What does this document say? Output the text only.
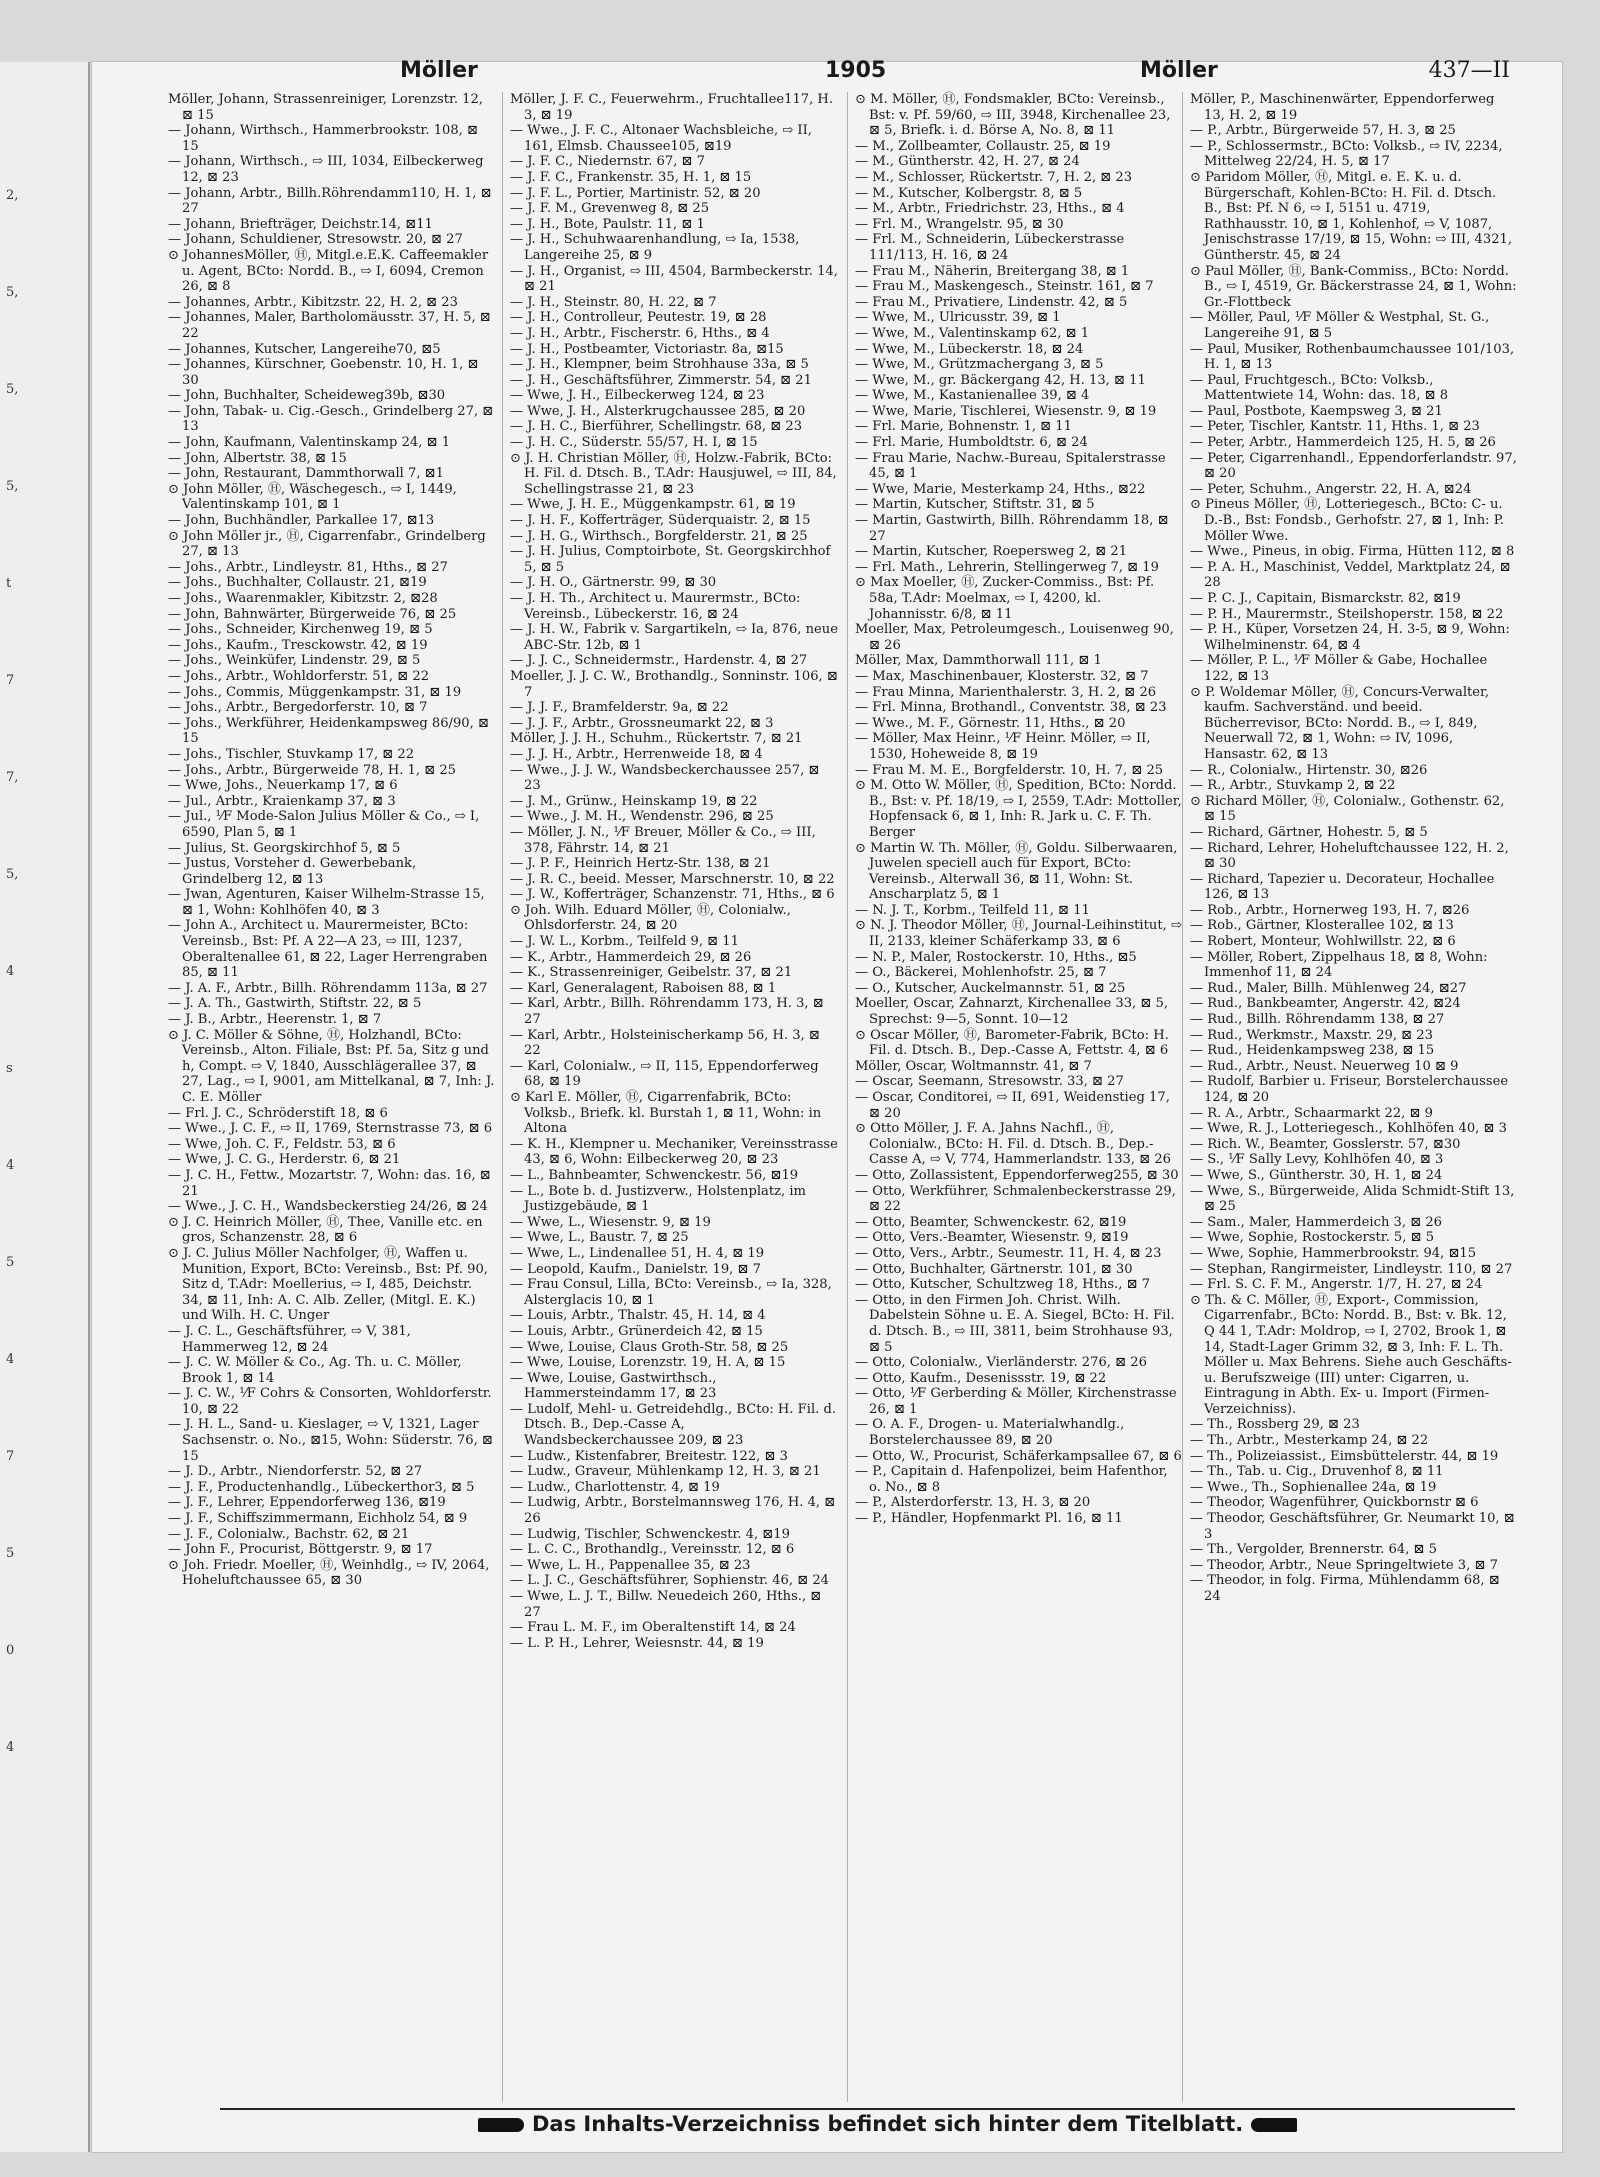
2,
5,
5,
5,
t
7
7,
5,
4
s
4
5
4
7
5
0
4
Möller	1905	Möller	437—II

Möller, Johann, Strassenreiniger, Lorenzstr. 12, ⊠ 15

— Johann, Wirthsch., Hammerbrookstr. 108, ⊠ 15

— Johann, Wirthsch., ⇨ III, 1034, Eilbeckerweg 12, ⊠ 23

— Johann, Arbtr., Billh.Röhrendamm110, H. 1, ⊠ 27

— Johann, Briefträger, Deichstr.14, ⊠11

— Johann, Schuldiener, Stresowstr. 20, ⊠ 27

⊙ JohannesMöller, Ⓗ, Mitgl.e.E.K. Caffeemakler u. Agent, BCto: Nordd. B., ⇨ I, 6094, Cremon 26, ⊠ 8

— Johannes, Arbtr., Kibitzstr. 22, H. 2, ⊠ 23

— Johannes, Maler, Bartholomäusstr. 37, H. 5, ⊠ 22

— Johannes, Kutscher, Langereihe70, ⊠5

— Johannes, Kürschner, Goebenstr. 10, H. 1, ⊠ 30

— John, Buchhalter, Scheideweg39b, ⊠30

— John, Tabak- u. Cig.-Gesch., Grindelberg 27, ⊠ 13

— John, Kaufmann, Valentinskamp 24, ⊠ 1

— John, Albertstr. 38, ⊠ 15

— John, Restaurant, Dammthorwall 7, ⊠1

⊙ John Möller, Ⓗ, Wäschegesch., ⇨ I, 1449, Valentinskamp 101, ⊠ 1

— John, Buchhändler, Parkallee 17, ⊠13

⊙ John Möller jr., Ⓗ, Cigarrenfabr., Grindelberg 27, ⊠ 13

— Johs., Arbtr., Lindleystr. 81, Hths., ⊠ 27

— Johs., Buchhalter, Collaustr. 21, ⊠19

— Johs., Waarenmakler, Kibitzstr. 2, ⊠28

— John, Bahnwärter, Bürgerweide 76, ⊠ 25

— Johs., Schneider, Kirchenweg 19, ⊠ 5

— Johs., Kaufm., Tresckowstr. 42, ⊠ 19

— Johs., Weinküfer, Lindenstr. 29, ⊠ 5

— Johs., Arbtr., Wohldorferstr. 51, ⊠ 22

— Johs., Commis, Müggenkampstr. 31, ⊠ 19

— Johs., Arbtr., Bergedorferstr. 10, ⊠ 7

— Johs., Werkführer, Heidenkampsweg 86/90, ⊠ 15

— Johs., Tischler, Stuvkamp 17, ⊠ 22

— Johs., Arbtr., Bürgerweide 78, H. 1, ⊠ 25

— Wwe, Johs., Neuerkamp 17, ⊠ 6

— Jul., Arbtr., Kraienkamp 37, ⊠ 3

— Jul., ⅟F Mode-Salon Julius Möller & Co., ⇨ I, 6590, Plan 5, ⊠ 1

— Julius, St. Georgskirchhof 5, ⊠ 5

— Justus, Vorsteher d. Gewerbebank, Grindelberg 12, ⊠ 13

— Jwan, Agenturen, Kaiser Wilhelm-Strasse 15, ⊠ 1, Wohn: Kohlhöfen 40, ⊠ 3

— John A., Architect u. Maurermeister, BCto: Vereinsb., Bst: Pf. A 22—A 23, ⇨ III, 1237, Oberaltenallee 61, ⊠ 22, Lager Herrengraben 85, ⊠ 11

— J. A. F., Arbtr., Billh. Röhrendamm 113a, ⊠ 27

— J. A. Th., Gastwirth, Stiftstr. 22, ⊠ 5

— J. B., Arbtr., Heerenstr. 1, ⊠ 7

⊙ J. C. Möller & Söhne, Ⓗ, Holzhandl, BCto: Vereinsb., Alton. Filiale, Bst: Pf. 5a, Sitz g und h, Compt. ⇨ V, 1840, Ausschlägerallee 37, ⊠ 27, Lag., ⇨ I, 9001, am Mittelkanal, ⊠ 7, Inh: J. C. E. Möller

— Frl. J. C., Schröderstift 18, ⊠ 6

— Wwe., J. C. F., ⇨ II, 1769, Sternstrasse 73, ⊠ 6

— Wwe, Joh. C. F., Feldstr. 53, ⊠ 6

— Wwe, J. C. G., Herderstr. 6, ⊠ 21

— J. C. H., Fettw., Mozartstr. 7, Wohn: das. 16, ⊠ 21

— Wwe., J. C. H., Wandsbeckerstieg 24/26, ⊠ 24

⊙ J. C. Heinrich Möller, Ⓗ, Thee, Vanille etc. en gros, Schanzenstr. 28, ⊠ 6

⊙ J. C. Julius Möller Nachfolger, Ⓗ, Waffen u. Munition, Export, BCto: Vereinsb., Bst: Pf. 90, Sitz d, T.Adr: Moellerius, ⇨ I, 485, Deichstr. 34, ⊠ 11, Inh: A. C. Alb. Zeller, (Mitgl. E. K.) und Wilh. H. C. Unger

— J. C. L., Geschäftsführer, ⇨ V, 381, Hammerweg 12, ⊠ 24

— J. C. W. Möller & Co., Ag. Th. u. C. Möller, Brook 1, ⊠ 14

— J. C. W., ⅟F Cohrs & Consorten, Wohldorferstr. 10, ⊠ 22

— J. H. L., Sand- u. Kieslager, ⇨ V, 1321, Lager Sachsenstr. o. No., ⊠15, Wohn: Süderstr. 76, ⊠ 15

— J. D., Arbtr., Niendorferstr. 52, ⊠ 27

— J. F., Productenhandlg., Lübeckerthor3, ⊠ 5

— J. F., Lehrer, Eppendorferweg 136, ⊠19

— J. F., Schiffszimmermann, Eichholz 54, ⊠ 9

— J. F., Colonialw., Bachstr. 62, ⊠ 21

— John F., Procurist, Böttgerstr. 9, ⊠ 17

⊙ Joh. Friedr. Moeller, Ⓗ, Weinhdlg., ⇨ IV, 2064, Hoheluftchaussee 65, ⊠ 30

Möller, J. F. C., Feuerwehrm., Fruchtallee117, H. 3, ⊠ 19

— Wwe., J. F. C., Altonaer Wachsbleiche, ⇨ II, 161, Elmsb. Chaussee105, ⊠19

— J. F. C., Niedernstr. 67, ⊠ 7

— J. F. C., Frankenstr. 35, H. 1, ⊠ 15

— J. F. L., Portier, Martinistr. 52, ⊠ 20

— J. F. M., Grevenweg 8, ⊠ 25

— J. H., Bote, Paulstr. 11, ⊠ 1

— J. H., Schuhwaarenhandlung, ⇨ Ia, 1538, Langereihe 25, ⊠ 9

— J. H., Organist, ⇨ III, 4504, Barmbeckerstr. 14, ⊠ 21

— J. H., Steinstr. 80, H. 22, ⊠ 7

— J. H., Controlleur, Peutestr. 19, ⊠ 28

— J. H., Arbtr., Fischerstr. 6, Hths., ⊠ 4

— J. H., Postbeamter, Victoriastr. 8a, ⊠15

— J. H., Klempner, beim Strohhause 33a, ⊠ 5

— J. H., Geschäftsführer, Zimmerstr. 54, ⊠ 21

— Wwe, J. H., Eilbeckerweg 124, ⊠ 23

— Wwe, J. H., Alsterkrugchaussee 285, ⊠ 20

— J. H. C., Bierführer, Schellingstr. 68, ⊠ 23

— J. H. C., Süderstr. 55/57, H. I, ⊠ 15

⊙ J. H. Christian Möller, Ⓗ, Holzw.-Fabrik, BCto: H. Fil. d. Dtsch. B., T.Adr: Hausjuwel, ⇨ III, 84, Schellingstrasse 21, ⊠ 23

— Wwe, J. H. E., Müggenkampstr. 61, ⊠ 19

— J. H. F., Kofferträger, Süderquaistr. 2, ⊠ 15

— J. H. G., Wirthsch., Borgfelderstr. 21, ⊠ 25

— J. H. Julius, Comptoirbote, St. Georgskirchhof 5, ⊠ 5

— J. H. O., Gärtnerstr. 99, ⊠ 30

— J. H. Th., Architect u. Maurermstr., BCto: Vereinsb., Lübeckerstr. 16, ⊠ 24

— J. H. W., Fabrik v. Sargartikeln, ⇨ Ia, 876, neue ABC-Str. 12b, ⊠ 1

— J. J. C., Schneidermstr., Hardenstr. 4, ⊠ 27

Moeller, J. J. C. W., Brothandlg., Sonninstr. 106, ⊠ 7

— J. J. F., Bramfelderstr. 9a, ⊠ 22

— J. J. F., Arbtr., Grossneumarkt 22, ⊠ 3

Möller, J. J. H., Schuhm., Rückertstr. 7, ⊠ 21

— J. J. H., Arbtr., Herrenweide 18, ⊠ 4

— Wwe., J. J. W., Wandsbeckerchaussee 257, ⊠ 23

— J. M., Grünw., Heinskamp 19, ⊠ 22

— Wwe., J. M. H., Wendenstr. 296, ⊠ 25

— Möller, J. N., ⅟F Breuer, Möller & Co., ⇨ III, 378, Fährstr. 14, ⊠ 21

— J. P. F., Heinrich Hertz-Str. 138, ⊠ 21

— J. R. C., beeid. Messer, Marschnerstr. 10, ⊠ 22

— J. W., Kofferträger, Schanzenstr. 71, Hths., ⊠ 6

⊙ Joh. Wilh. Eduard Möller, Ⓗ, Colonialw., Ohlsdorferstr. 24, ⊠ 20

— J. W. L., Korbm., Teilfeld 9, ⊠ 11

— K., Arbtr., Hammerdeich 29, ⊠ 26

— K., Strassenreiniger, Geibelstr. 37, ⊠ 21

— Karl, Generalagent, Raboisen 88, ⊠ 1

— Karl, Arbtr., Billh. Röhrendamm 173, H. 3, ⊠ 27

— Karl, Arbtr., Holsteinischerkamp 56, H. 3, ⊠ 22

— Karl, Colonialw., ⇨ II, 115, Eppendorferweg 68, ⊠ 19

⊙ Karl E. Möller, Ⓗ, Cigarrenfabrik, BCto: Volksb., Briefk. kl. Burstah 1, ⊠ 11, Wohn: in Altona

— K. H., Klempner u. Mechaniker, Vereinsstrasse 43, ⊠ 6, Wohn: Eilbeckerweg 20, ⊠ 23

— L., Bahnbeamter, Schwenckestr. 56, ⊠19

— L., Bote b. d. Justizverw., Holstenplatz, im Justizgebäude, ⊠ 1

— Wwe, L., Wiesenstr. 9, ⊠ 19

— Wwe, L., Baustr. 7, ⊠ 25

— Wwe, L., Lindenallee 51, H. 4, ⊠ 19

— Leopold, Kaufm., Danielstr. 19, ⊠ 7

— Frau Consul, Lilla, BCto: Vereinsb., ⇨ Ia, 328, Alsterglacis 10, ⊠ 1

— Louis, Arbtr., Thalstr. 45, H. 14, ⊠ 4

— Louis, Arbtr., Grünerdeich 42, ⊠ 15

— Wwe, Louise, Claus Groth-Str. 58, ⊠ 25

— Wwe, Louise, Lorenzstr. 19, H. A, ⊠ 15

— Wwe, Louise, Gastwirthsch., Hammersteindamm 17, ⊠ 23

— Ludolf, Mehl- u. Getreidehdlg., BCto: H. Fil. d. Dtsch. B., Dep.-Casse A, Wandsbeckerchaussee 209, ⊠ 23

— Ludw., Kistenfabrer, Breitestr. 122, ⊠ 3

— Ludw., Graveur, Mühlenkamp 12, H. 3, ⊠ 21

— Ludw., Charlottenstr. 4, ⊠ 19

— Ludwig, Arbtr., Borstelmannsweg 176, H. 4, ⊠ 26

— Ludwig, Tischler, Schwenckestr. 4, ⊠19

— L. C. C., Brothandlg., Vereinsstr. 12, ⊠ 6

— Wwe, L. H., Pappenallee 35, ⊠ 23

— L. J. C., Geschäftsführer, Sophienstr. 46, ⊠ 24

— Wwe, L. J. T., Billw. Neuedeich 260, Hths., ⊠ 27

— Frau L. M. F., im Oberaltenstift 14, ⊠ 24

— L. P. H., Lehrer, Weiesnstr. 44, ⊠ 19

⊙ M. Möller, Ⓗ, Fondsmakler, BCto: Vereinsb., Bst: v. Pf. 59/60, ⇨ III, 3948, Kirchenallee 23, ⊠ 5, Briefk. i. d. Börse A, No. 8, ⊠ 11

— M., Zollbeamter, Collaustr. 25, ⊠ 19

— M., Güntherstr. 42, H. 27, ⊠ 24

— M., Schlosser, Rückertstr. 7, H. 2, ⊠ 23

— M., Kutscher, Kolbergstr. 8, ⊠ 5

— M., Arbtr., Friedrichstr. 23, Hths., ⊠ 4

— Frl. M., Wrangelstr. 95, ⊠ 30

— Frl. M., Schneiderin, Lübeckerstrasse 111/113, H. 16, ⊠ 24

— Frau M., Näherin, Breitergang 38, ⊠ 1

— Frau M., Maskengesch., Steinstr. 161, ⊠ 7

— Frau M., Privatiere, Lindenstr. 42, ⊠ 5

— Wwe, M., Ulricusstr. 39, ⊠ 1

— Wwe, M., Valentinskamp 62, ⊠ 1

— Wwe, M., Lübeckerstr. 18, ⊠ 24

— Wwe, M., Grützmachergang 3, ⊠ 5

— Wwe, M., gr. Bäckergang 42, H. 13, ⊠ 11

— Wwe, M., Kastanienallee 39, ⊠ 4

— Wwe, Marie, Tischlerei, Wiesenstr. 9, ⊠ 19

— Frl. Marie, Bohnenstr. 1, ⊠ 11

— Frl. Marie, Humboldtstr. 6, ⊠ 24

— Frau Marie, Nachw.-Bureau, Spitalerstrasse 45, ⊠ 1

— Wwe, Marie, Mesterkamp 24, Hths., ⊠22

— Martin, Kutscher, Stiftstr. 31, ⊠ 5

— Martin, Gastwirth, Billh. Röhrendamm 18, ⊠ 27

— Martin, Kutscher, Roepersweg 2, ⊠ 21

— Frl. Math., Lehrerin, Stellingerweg 7, ⊠ 19

⊙ Max Moeller, Ⓗ, Zucker-Commiss., Bst: Pf. 58a, T.Adr: Moelmax, ⇨ I, 4200, kl. Johannisstr. 6/8, ⊠ 11

Moeller, Max, Petroleumgesch., Louisenweg 90, ⊠ 26

Möller, Max, Dammthorwall 111, ⊠ 1

— Max, Maschinenbauer, Klosterstr. 32, ⊠ 7

— Frau Minna, Marienthalerstr. 3, H. 2, ⊠ 26

— Frl. Minna, Brothandl., Conventstr. 38, ⊠ 23

— Wwe., M. F., Görnestr. 11, Hths., ⊠ 20

— Möller, Max Heinr., ⅟F Heinr. Möller, ⇨ II, 1530, Hoheweide 8, ⊠ 19

— Frau M. M. E., Borgfelderstr. 10, H. 7, ⊠ 25

⊙ M. Otto W. Möller, Ⓗ, Spedition, BCto: Nordd. B., Bst: v. Pf. 18/19, ⇨ I, 2559, T.Adr: Mottoller, Hopfensack 6, ⊠ 1, Inh: R. Jark u. C. F. Th. Berger

⊙ Martin W. Th. Möller, Ⓗ, Goldu. Silberwaaren, Juwelen speciell auch für Export, BCto: Vereinsb., Alterwall 36, ⊠ 11, Wohn: St. Anscharplatz 5, ⊠ 1

— N. J. T., Korbm., Teilfeld 11, ⊠ 11

⊙ N. J. Theodor Möller, Ⓗ, Journal-Leihinstitut, ⇨ II, 2133, kleiner Schäferkamp 33, ⊠ 6

— N. P., Maler, Rostockerstr. 10, Hths., ⊠5

— O., Bäckerei, Mohlenhofstr. 25, ⊠ 7

— O., Kutscher, Auckelmannstr. 51, ⊠ 25

Moeller, Oscar, Zahnarzt, Kirchenallee 33, ⊠ 5, Sprechst: 9—5, Sonnt. 10—12

⊙ Oscar Möller, Ⓗ, Barometer-Fabrik, BCto: H. Fil. d. Dtsch. B., Dep.-Casse A, Fettstr. 4, ⊠ 6

Möller, Oscar, Woltmannstr. 41, ⊠ 7

— Oscar, Seemann, Stresowstr. 33, ⊠ 27

— Oscar, Conditorei, ⇨ II, 691, Weidenstieg 17, ⊠ 20

⊙ Otto Möller, J. F. A. Jahns Nachfl., Ⓗ, Colonialw., BCto: H. Fil. d. Dtsch. B., Dep.-Casse A, ⇨ V, 774, Hammerlandstr. 133, ⊠ 26

— Otto, Zollassistent, Eppendorferweg255, ⊠ 30

— Otto, Werkführer, Schmalenbeckerstrasse 29, ⊠ 22

— Otto, Beamter, Schwenckestr. 62, ⊠19

— Otto, Vers.-Beamter, Wiesenstr. 9, ⊠19

— Otto, Vers., Arbtr., Seumestr. 11, H. 4, ⊠ 23

— Otto, Buchhalter, Gärtnerstr. 101, ⊠ 30

— Otto, Kutscher, Schultzweg 18, Hths., ⊠ 7

— Otto, in den Firmen Joh. Christ. Wilh. Dabelstein Söhne u. E. A. Siegel, BCto: H. Fil. d. Dtsch. B., ⇨ III, 3811, beim Strohhause 93, ⊠ 5

— Otto, Colonialw., Vierländerstr. 276, ⊠ 26

— Otto, Kaufm., Desenissstr. 19, ⊠ 22

— Otto, ⅟F Gerberding & Möller, Kirchenstrasse 26, ⊠ 1

— O. A. F., Drogen- u. Materialwhandlg., Borstelerchaussee 89, ⊠ 20

— Otto, W., Procurist, Schäferkampsallee 67, ⊠ 6

— P., Capitain d. Hafenpolizei, beim Hafenthor, o. No., ⊠ 8

— P., Alsterdorferstr. 13, H. 3, ⊠ 20

— P., Händler, Hopfenmarkt Pl. 16, ⊠ 11

Möller, P., Maschinenwärter, Eppendorferweg 13, H. 2, ⊠ 19

— P., Arbtr., Bürgerweide 57, H. 3, ⊠ 25

— P., Schlossermstr., BCto: Volksb., ⇨ IV, 2234, Mittelweg 22/24, H. 5, ⊠ 17

⊙ Paridom Möller, Ⓗ, Mitgl. e. E. K. u. d. Bürgerschaft, Kohlen-BCto: H. Fil. d. Dtsch. B., Bst: Pf. N 6, ⇨ I, 5151 u. 4719, Rathhausstr. 10, ⊠ 1, Kohlenhof, ⇨ V, 1087, Jenischstrasse 17/19, ⊠ 15, Wohn: ⇨ III, 4321, Güntherstr. 45, ⊠ 24

⊙ Paul Möller, Ⓗ, Bank-Commiss., BCto: Nordd. B., ⇨ I, 4519, Gr. Bäckerstrasse 24, ⊠ 1, Wohn: Gr.-Flottbeck

— Möller, Paul, ⅟F Möller & Westphal, St. G., Langereihe 91, ⊠ 5

— Paul, Musiker, Rothenbaumchaussee 101/103, H. 1, ⊠ 13

— Paul, Fruchtgesch., BCto: Volksb., Mattentwiete 14, Wohn: das. 18, ⊠ 8

— Paul, Postbote, Kaempsweg 3, ⊠ 21

— Peter, Tischler, Kantstr. 11, Hths. 1, ⊠ 23

— Peter, Arbtr., Hammerdeich 125, H. 5, ⊠ 26

— Peter, Cigarrenhandl., Eppendorferlandstr. 97, ⊠ 20

— Peter, Schuhm., Angerstr. 22, H. A, ⊠24

⊙ Pineus Möller, Ⓗ, Lotteriegesch., BCto: C- u. D.-B., Bst: Fondsb., Gerhofstr. 27, ⊠ 1, Inh: P. Möller Wwe.

— Wwe., Pineus, in obig. Firma, Hütten 112, ⊠ 8

— P. A. H., Maschinist, Veddel, Marktplatz 24, ⊠ 28

— P. C. J., Capitain, Bismarckstr. 82, ⊠19

— P. H., Maurermstr., Steilshoperstr. 158, ⊠ 22

— P. H., Küper, Vorsetzen 24, H. 3-5, ⊠ 9, Wohn: Wilhelminenstr. 64, ⊠ 4

— Möller, P. L., ⅟F Möller & Gabe, Hochallee 122, ⊠ 13

⊙ P. Woldemar Möller, Ⓗ, Concurs-Verwalter, kaufm. Sachverständ. und beeid. Bücherrevisor, BCto: Nordd. B., ⇨ I, 849, Neuerwall 72, ⊠ 1, Wohn: ⇨ IV, 1096, Hansastr. 62, ⊠ 13

— R., Colonialw., Hirtenstr. 30, ⊠26

— R., Arbtr., Stuvkamp 2, ⊠ 22

⊙ Richard Möller, Ⓗ, Colonialw., Gothenstr. 62, ⊠ 15

— Richard, Gärtner, Hohestr. 5, ⊠ 5

— Richard, Lehrer, Hoheluftchaussee 122, H. 2, ⊠ 30

— Richard, Tapezier u. Decorateur, Hochallee 126, ⊠ 13

— Rob., Arbtr., Hornerweg 193, H. 7, ⊠26

— Rob., Gärtner, Klosterallee 102, ⊠ 13

— Robert, Monteur, Wohlwillstr. 22, ⊠ 6

— Möller, Robert, Zippelhaus 18, ⊠ 8, Wohn: Immenhof 11, ⊠ 24

— Rud., Maler, Billh. Mühlenweg 24, ⊠27

— Rud., Bankbeamter, Angerstr. 42, ⊠24

— Rud., Billh. Röhrendamm 138, ⊠ 27

— Rud., Werkmstr., Maxstr. 29, ⊠ 23

— Rud., Heidenkampsweg 238, ⊠ 15

— Rud., Arbtr., Neust. Neuerweg 10 ⊠ 9

— Rudolf, Barbier u. Friseur, Borstelerchaussee 124, ⊠ 20

— R. A., Arbtr., Schaarmarkt 22, ⊠ 9

— Wwe, R. J., Lotteriegesch., Kohlhöfen 40, ⊠ 3

— Rich. W., Beamter, Gosslerstr. 57, ⊠30

— S., ⅟F Sally Levy, Kohlhöfen 40, ⊠ 3

— Wwe, S., Güntherstr. 30, H. 1, ⊠ 24

— Wwe, S., Bürgerweide, Alida Schmidt-Stift 13, ⊠ 25

— Sam., Maler, Hammerdeich 3, ⊠ 26

— Wwe, Sophie, Rostockerstr. 5, ⊠ 5

— Wwe, Sophie, Hammerbrookstr. 94, ⊠15

— Stephan, Rangirmeister, Lindleystr. 110, ⊠ 27

— Frl. S. C. F. M., Angerstr. 1/7, H. 27, ⊠ 24

⊙ Th. & C. Möller, Ⓗ, Export-, Commission, Cigarrenfabr., BCto: Nordd. B., Bst: v. Bk. 12, Q 44 1, T.Adr: Moldrop, ⇨ I, 2702, Brook 1, ⊠ 14, Stadt-Lager Grimm 32, ⊠ 3, Inh: F. L. Th. Möller u. Max Behrens. Siehe auch Geschäfts- u. Berufszweige (III) unter: Cigarren, u. Eintragung in Abth. Ex- u. Import (Firmen-Verzeichniss).

— Th., Rossberg 29, ⊠ 23

— Th., Arbtr., Mesterkamp 24, ⊠ 22

— Th., Polizeiassist., Eimsbüttelerstr. 44, ⊠ 19

— Th., Tab. u. Cig., Druvenhof 8, ⊠ 11

— Wwe., Th., Sophienallee 24a, ⊠ 19

— Theodor, Wagenführer, Quickbornstr ⊠ 6

— Theodor, Geschäftsführer, Gr. Neumarkt 10, ⊠ 3

— Th., Vergolder, Brennerstr. 64, ⊠ 5

— Theodor, Arbtr., Neue Springeltwiete 3, ⊠ 7

— Theodor, in folg. Firma, Mühlendamm 68, ⊠ 24

Das Inhalts-Verzeichniss befindet sich hinter dem Titelblatt.
